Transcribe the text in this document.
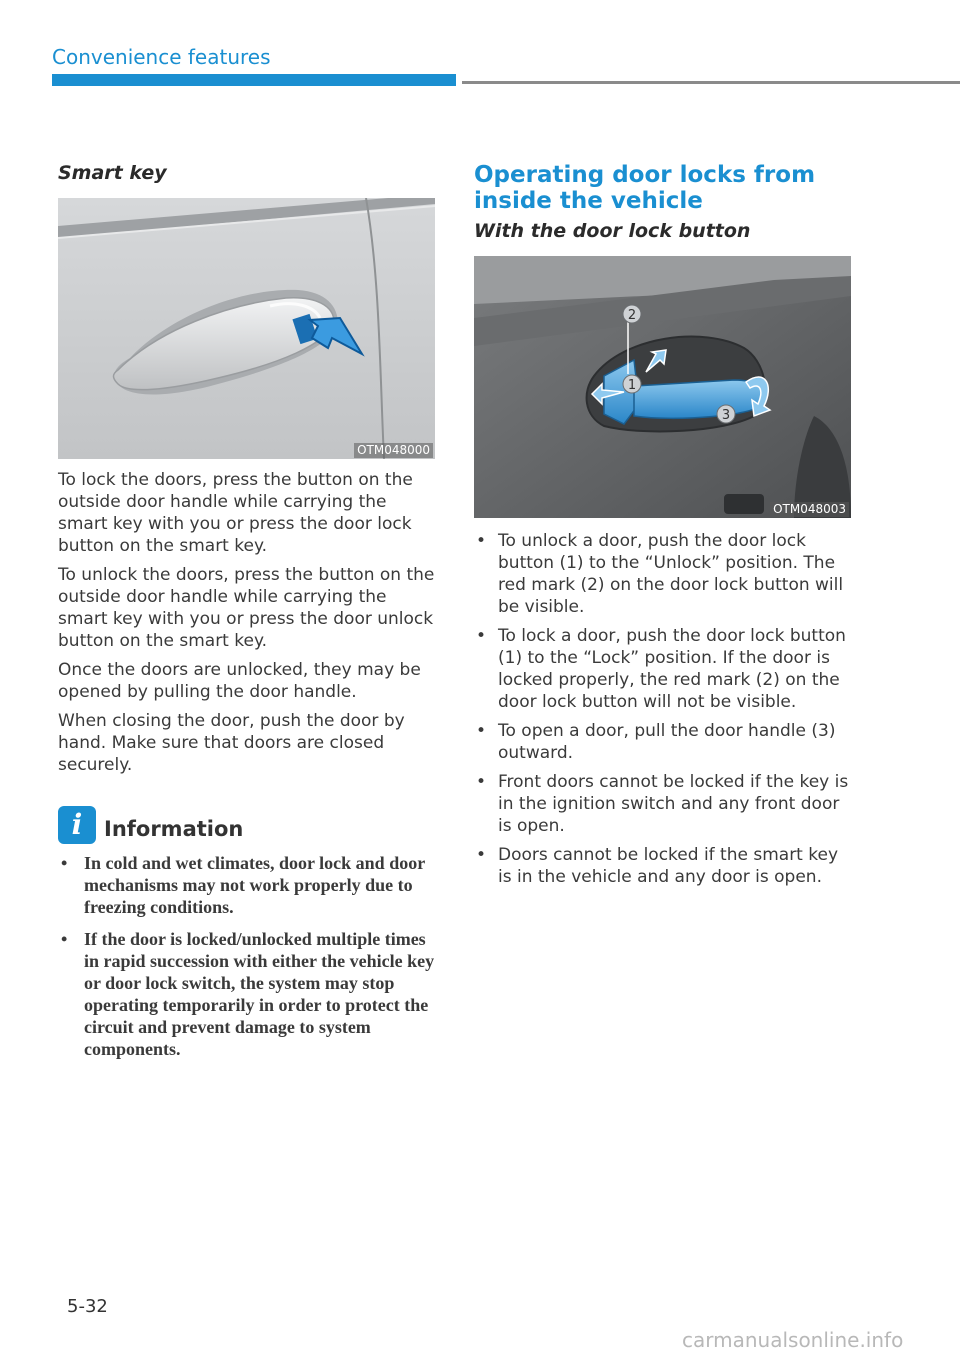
Convenience features
Smart key
OTM048000

To lock the doors, press the button on the outside door handle while carrying the smart key with you or press the door lock button on the smart key.

To unlock the doors, press the button on the outside door handle while carrying the smart key with you or press the door unlock button on the smart key.

Once the doors are unlocked, they may be opened by pulling the door handle.

When closing the door, push the door by hand. Make sure that doors are closed securely.

i	Information
• In cold and wet climates, door lock and door mechanisms may not work properly due to freezing conditions.
• If the door is locked/unlocked multiple times in rapid succession with either the vehicle key or door lock switch, the system may stop operating temporarily in order to protect the circuit and prevent damage to system components.
Operating door locks from inside the vehicle
With the door lock button
2
1
3
OTM048003
• To unlock a door, push the door lock button (1) to the “Unlock” position. The red mark (2) on the door lock button will be visible.
• To lock a door, push the door lock button (1) to the “Lock” position. If the door is locked properly, the red mark (2) on the door lock button will not be visible.
• To open a door, pull the door handle (3) outward.
• Front doors cannot be locked if the key is in the ignition switch and any front door is open.
• Doors cannot be locked if the smart key is in the vehicle and any door is open.
5-32
carmanualsonline.info
